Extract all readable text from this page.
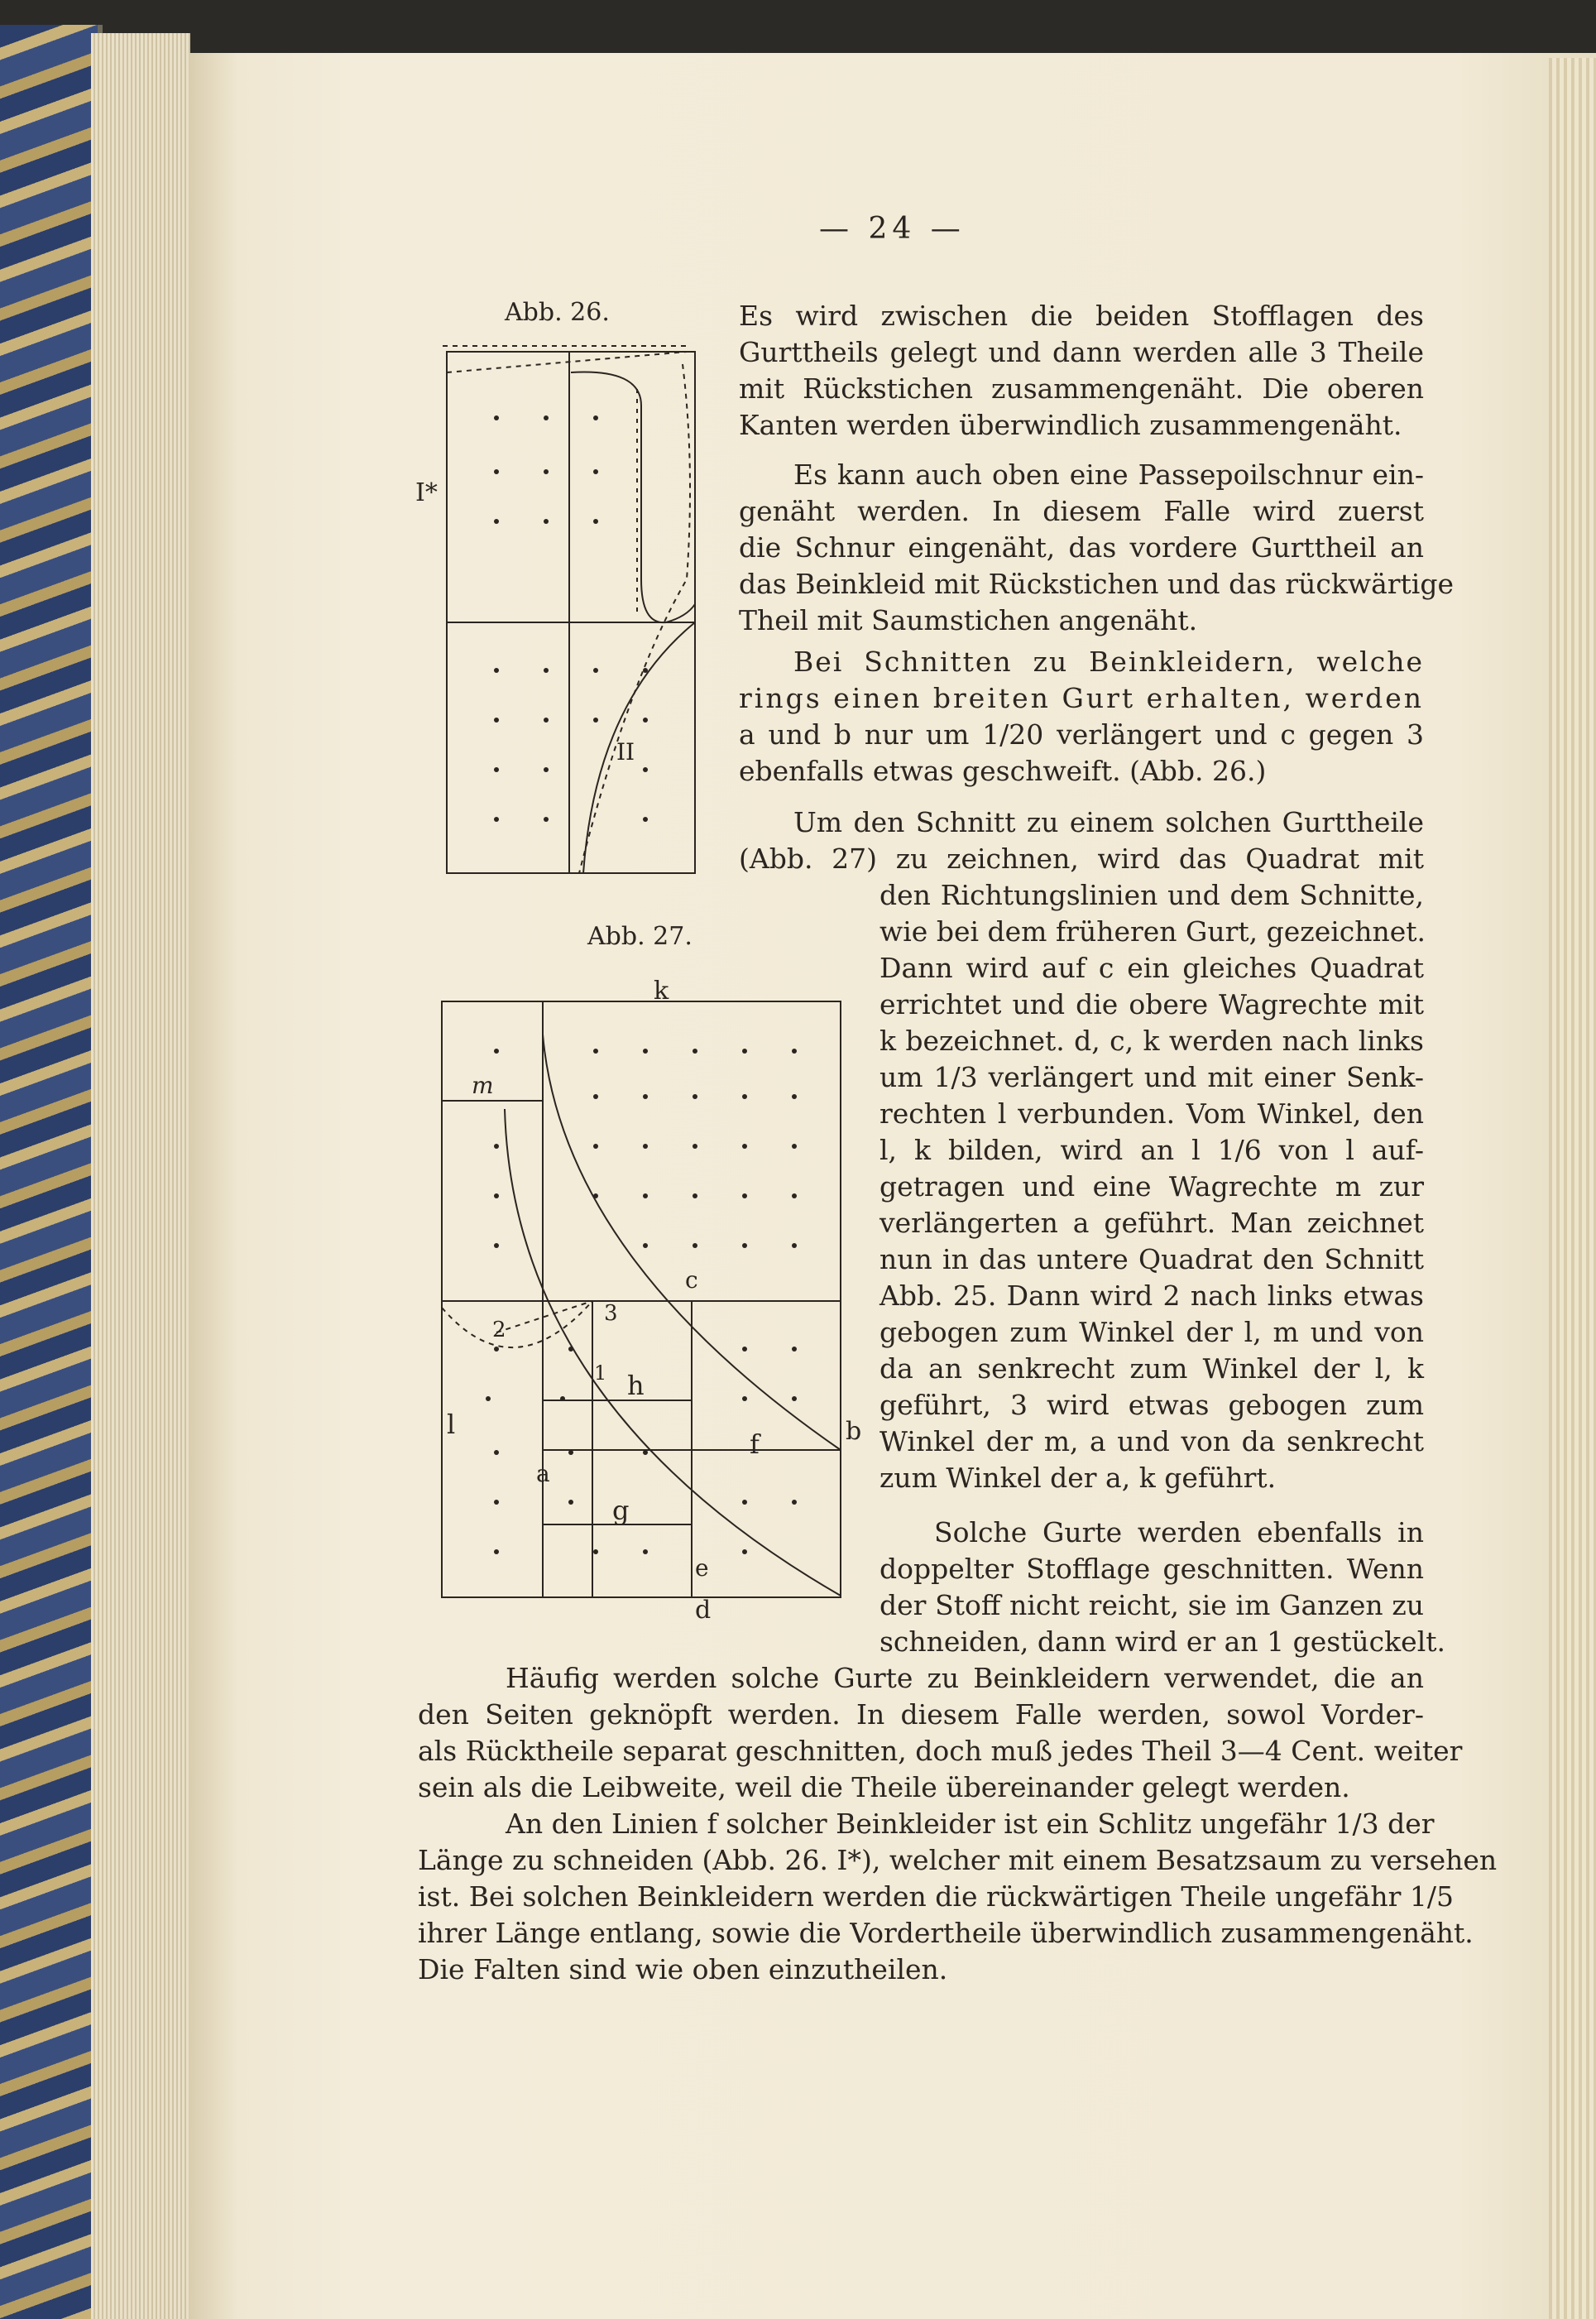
— 24 —
Abb. 26.
Abb. 27.
I*
II
k
m
c
3
2
1 h
l
f	b
a
g
e
d
Es wird zwischen die beiden Stofflagen des
Gurttheils gelegt und dann werden alle 3 Theile
mit Rückstichen zusammengenäht. Die oberen
Kanten werden überwindlich zusammengenäht.
Es kann auch oben eine Passepoilschnur ein-
genäht werden. In diesem Falle wird zuerst
die Schnur eingenäht, das vordere Gurttheil an
das Beinkleid mit Rückstichen und das rückwärtige
Theil mit Saumstichen angenäht.
Bei Schnitten zu Beinkleidern, welche
rings einen breiten Gurt erhalten, werden
a und b nur um 1/20 verlängert und c gegen 3
ebenfalls etwas geschweift. (Abb. 26.)
Um den Schnitt zu einem solchen Gurttheile
(Abb. 27) zu zeichnen, wird das Quadrat mit
den Richtungslinien und dem Schnitte,
wie bei dem früheren Gurt, gezeichnet.
Dann wird auf c ein gleiches Quadrat
errichtet und die obere Wagrechte mit
k bezeichnet. d, c, k werden nach links
um 1/3 verlängert und mit einer Senk-
rechten l verbunden. Vom Winkel, den
l, k bilden, wird an l 1/6 von l auf-
getragen und eine Wagrechte m zur
verlängerten a geführt. Man zeichnet
nun in das untere Quadrat den Schnitt
Abb. 25. Dann wird 2 nach links etwas
gebogen zum Winkel der l, m und von
da an senkrecht zum Winkel der l, k
geführt, 3 wird etwas gebogen zum
Winkel der m, a und von da senkrecht
zum Winkel der a, k geführt.
Solche Gurte werden ebenfalls in
doppelter Stofflage geschnitten. Wenn
der Stoff nicht reicht, sie im Ganzen zu
schneiden, dann wird er an 1 gestückelt.
Häufig werden solche Gurte zu Beinkleidern verwendet, die an
den Seiten geknöpft werden. In diesem Falle werden, sowol Vorder-
als Rücktheile separat geschnitten, doch muß jedes Theil 3—4 Cent. weiter
sein als die Leibweite, weil die Theile übereinander gelegt werden.
An den Linien f solcher Beinkleider ist ein Schlitz ungefähr 1/3 der
Länge zu schneiden (Abb. 26. I*), welcher mit einem Besatzsaum zu versehen
ist. Bei solchen Beinkleidern werden die rückwärtigen Theile ungefähr 1/5
ihrer Länge entlang, sowie die Vordertheile überwindlich zusammengenäht.
Die Falten sind wie oben einzutheilen.
